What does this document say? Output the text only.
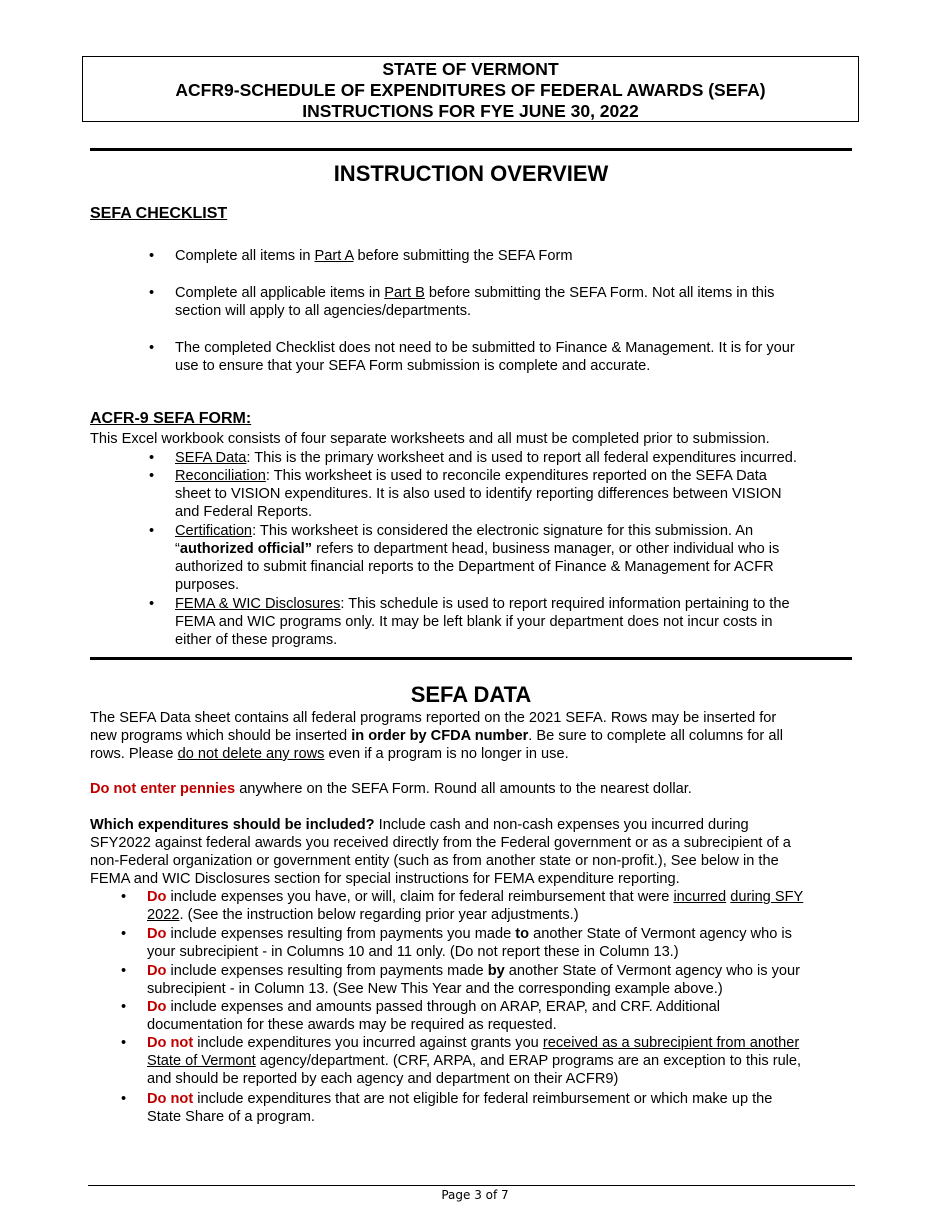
STATE OF VERMONT
ACFR9-SCHEDULE OF EXPENDITURES OF FEDERAL AWARDS (SEFA)
INSTRUCTIONS FOR FYE JUNE 30, 2022
INSTRUCTION OVERVIEW
SEFA CHECKLIST
• Complete all items in Part A before submitting the SEFA Form
• Complete all applicable items in Part B before submitting the SEFA Form. Not all items in this
section will apply to all agencies/departments.
• The completed Checklist does not need to be submitted to Finance & Management. It is for your
use to ensure that your SEFA Form submission is complete and accurate.
ACFR-9 SEFA FORM:
This Excel workbook consists of four separate worksheets and all must be completed prior to submission.
• SEFA Data: This is the primary worksheet and is used to report all federal expenditures incurred.
• Reconciliation: This worksheet is used to reconcile expenditures reported on the SEFA Data
sheet to VISION expenditures. It is also used to identify reporting differences between VISION
and Federal Reports.
• Certification: This worksheet is considered the electronic signature for this submission. An
“authorized official” refers to department head, business manager, or other individual who is
authorized to submit financial reports to the Department of Finance & Management for ACFR
purposes.
• FEMA & WIC Disclosures: This schedule is used to report required information pertaining to the
FEMA and WIC programs only. It may be left blank if your department does not incur costs in
either of these programs.
SEFA DATA
The SEFA Data sheet contains all federal programs reported on the 2021 SEFA. Rows may be inserted for
new programs which should be inserted in order by CFDA number. Be sure to complete all columns for all
rows. Please do not delete any rows even if a program is no longer in use.
Do not enter pennies anywhere on the SEFA Form. Round all amounts to the nearest dollar.
Which expenditures should be included? Include cash and non-cash expenses you incurred during
SFY2022 against federal awards you received directly from the Federal government or as a subrecipient of a
non-Federal organization or government entity (such as from another state or non-profit.), See below in the
FEMA and WIC Disclosures section for special instructions for FEMA expenditure reporting.
• Do include expenses you have, or will, claim for federal reimbursement that were incurred during SFY
2022. (See the instruction below regarding prior year adjustments.)
• Do include expenses resulting from payments you made to another State of Vermont agency who is
your subrecipient - in Columns 10 and 11 only. (Do not report these in Column 13.)
• Do include expenses resulting from payments made by another State of Vermont agency who is your
subrecipient - in Column 13. (See New This Year and the corresponding example above.)
• Do include expenses and amounts passed through on ARAP, ERAP, and CRF. Additional
documentation for these awards may be required as requested.
• Do not include expenditures you incurred against grants you received as a subrecipient from another
State of Vermont agency/department. (CRF, ARPA, and ERAP programs are an exception to this rule,
and should be reported by each agency and department on their ACFR9)
• Do not include expenditures that are not eligible for federal reimbursement or which make up the
State Share of a program.
Page 3 of 7
